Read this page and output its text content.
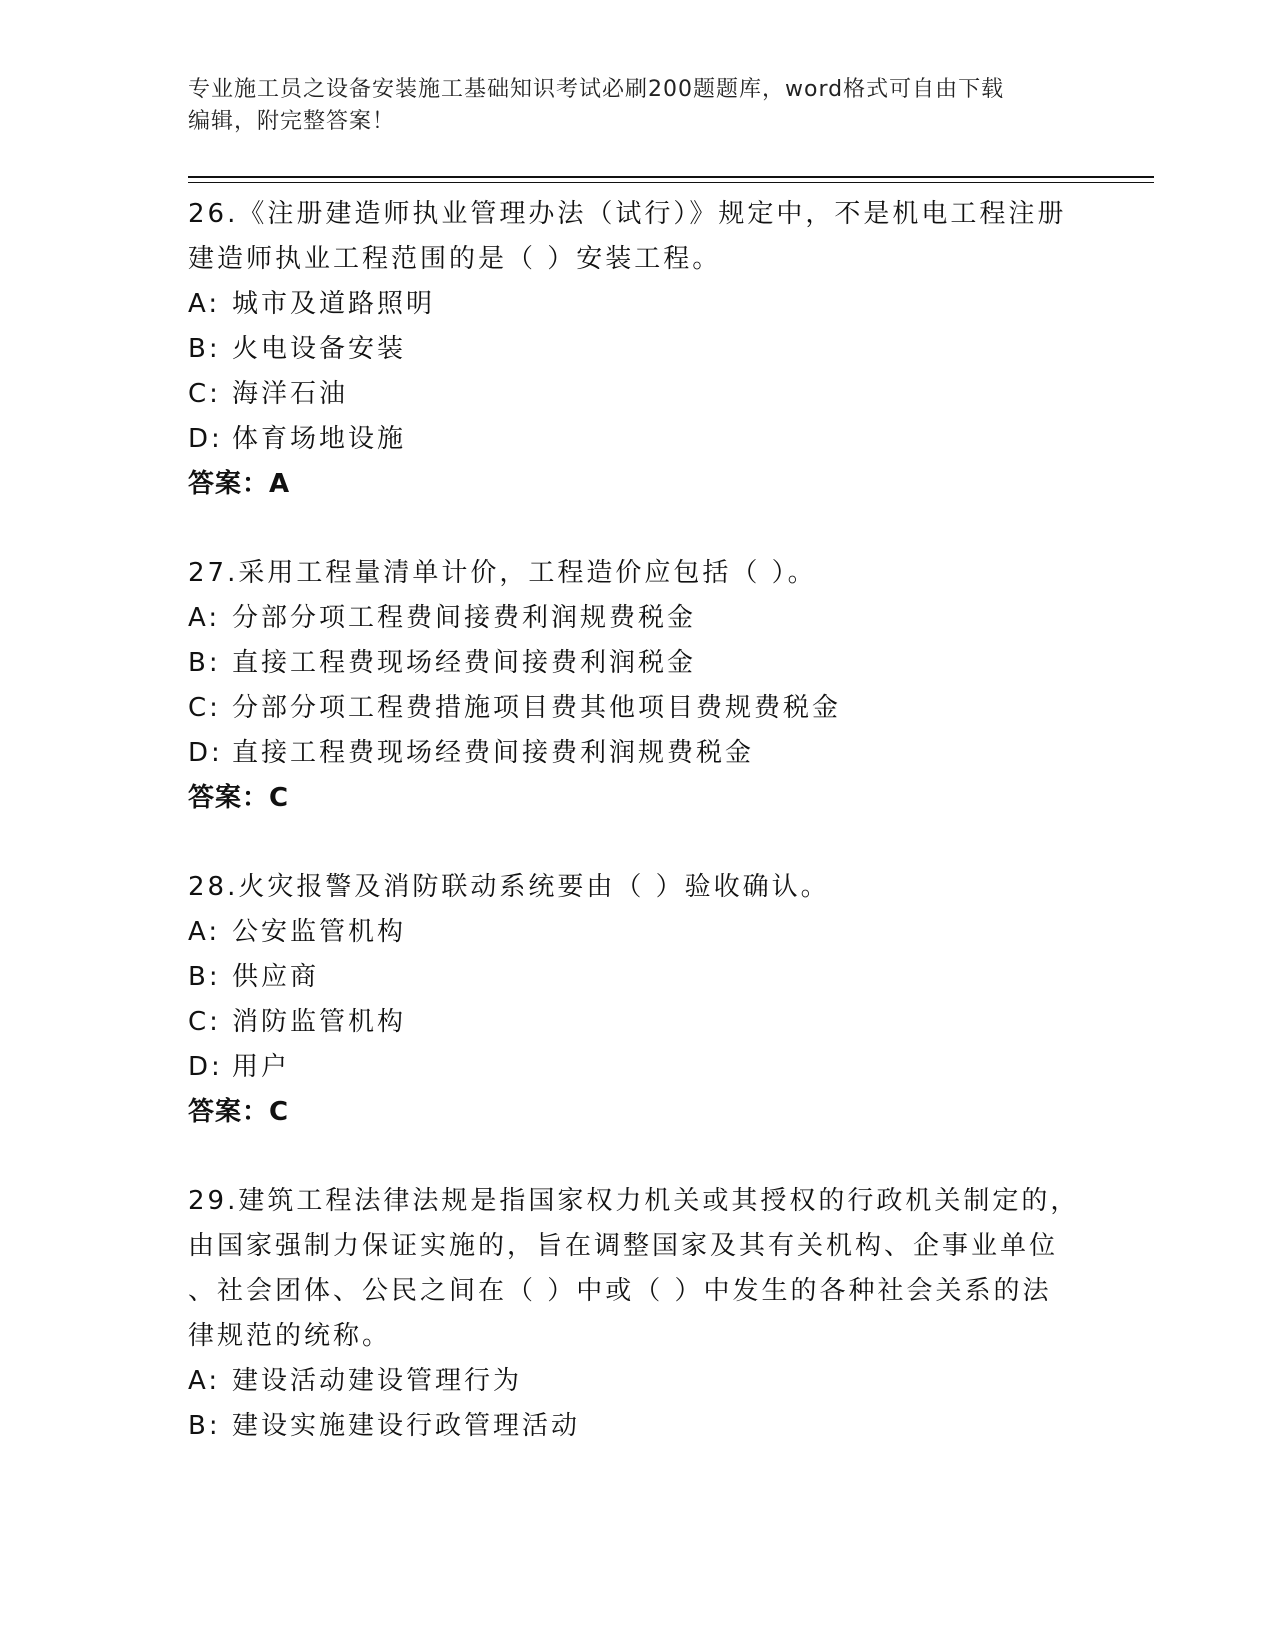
专业施工员之设备安装施工基础知识考试必刷200题题库，word格式可自由下载
编辑，附完整答案！

26.《注册建造师执业管理办法（试行）》规定中，不是机电工程注册

建造师执业工程范围的是（ ）安装工程。

A: 城市及道路照明

B: 火电设备安装

C: 海洋石油

D: 体育场地设施

答案：A

27.采用工程量清单计价，工程造价应包括（ ）。

A: 分部分项工程费间接费利润规费税金

B: 直接工程费现场经费间接费利润税金

C: 分部分项工程费措施项目费其他项目费规费税金

D: 直接工程费现场经费间接费利润规费税金

答案：C

28.火灾报警及消防联动系统要由（ ）验收确认。

A: 公安监管机构

B: 供应商

C: 消防监管机构

D: 用户

答案：C

29.建筑工程法律法规是指国家权力机关或其授权的行政机关制定的，

由国家强制力保证实施的，旨在调整国家及其有关机构、企事业单位

、社会团体、公民之间在（ ）中或（ ）中发生的各种社会关系的法

律规范的统称。

A: 建设活动建设管理行为

B: 建设实施建设行政管理活动
